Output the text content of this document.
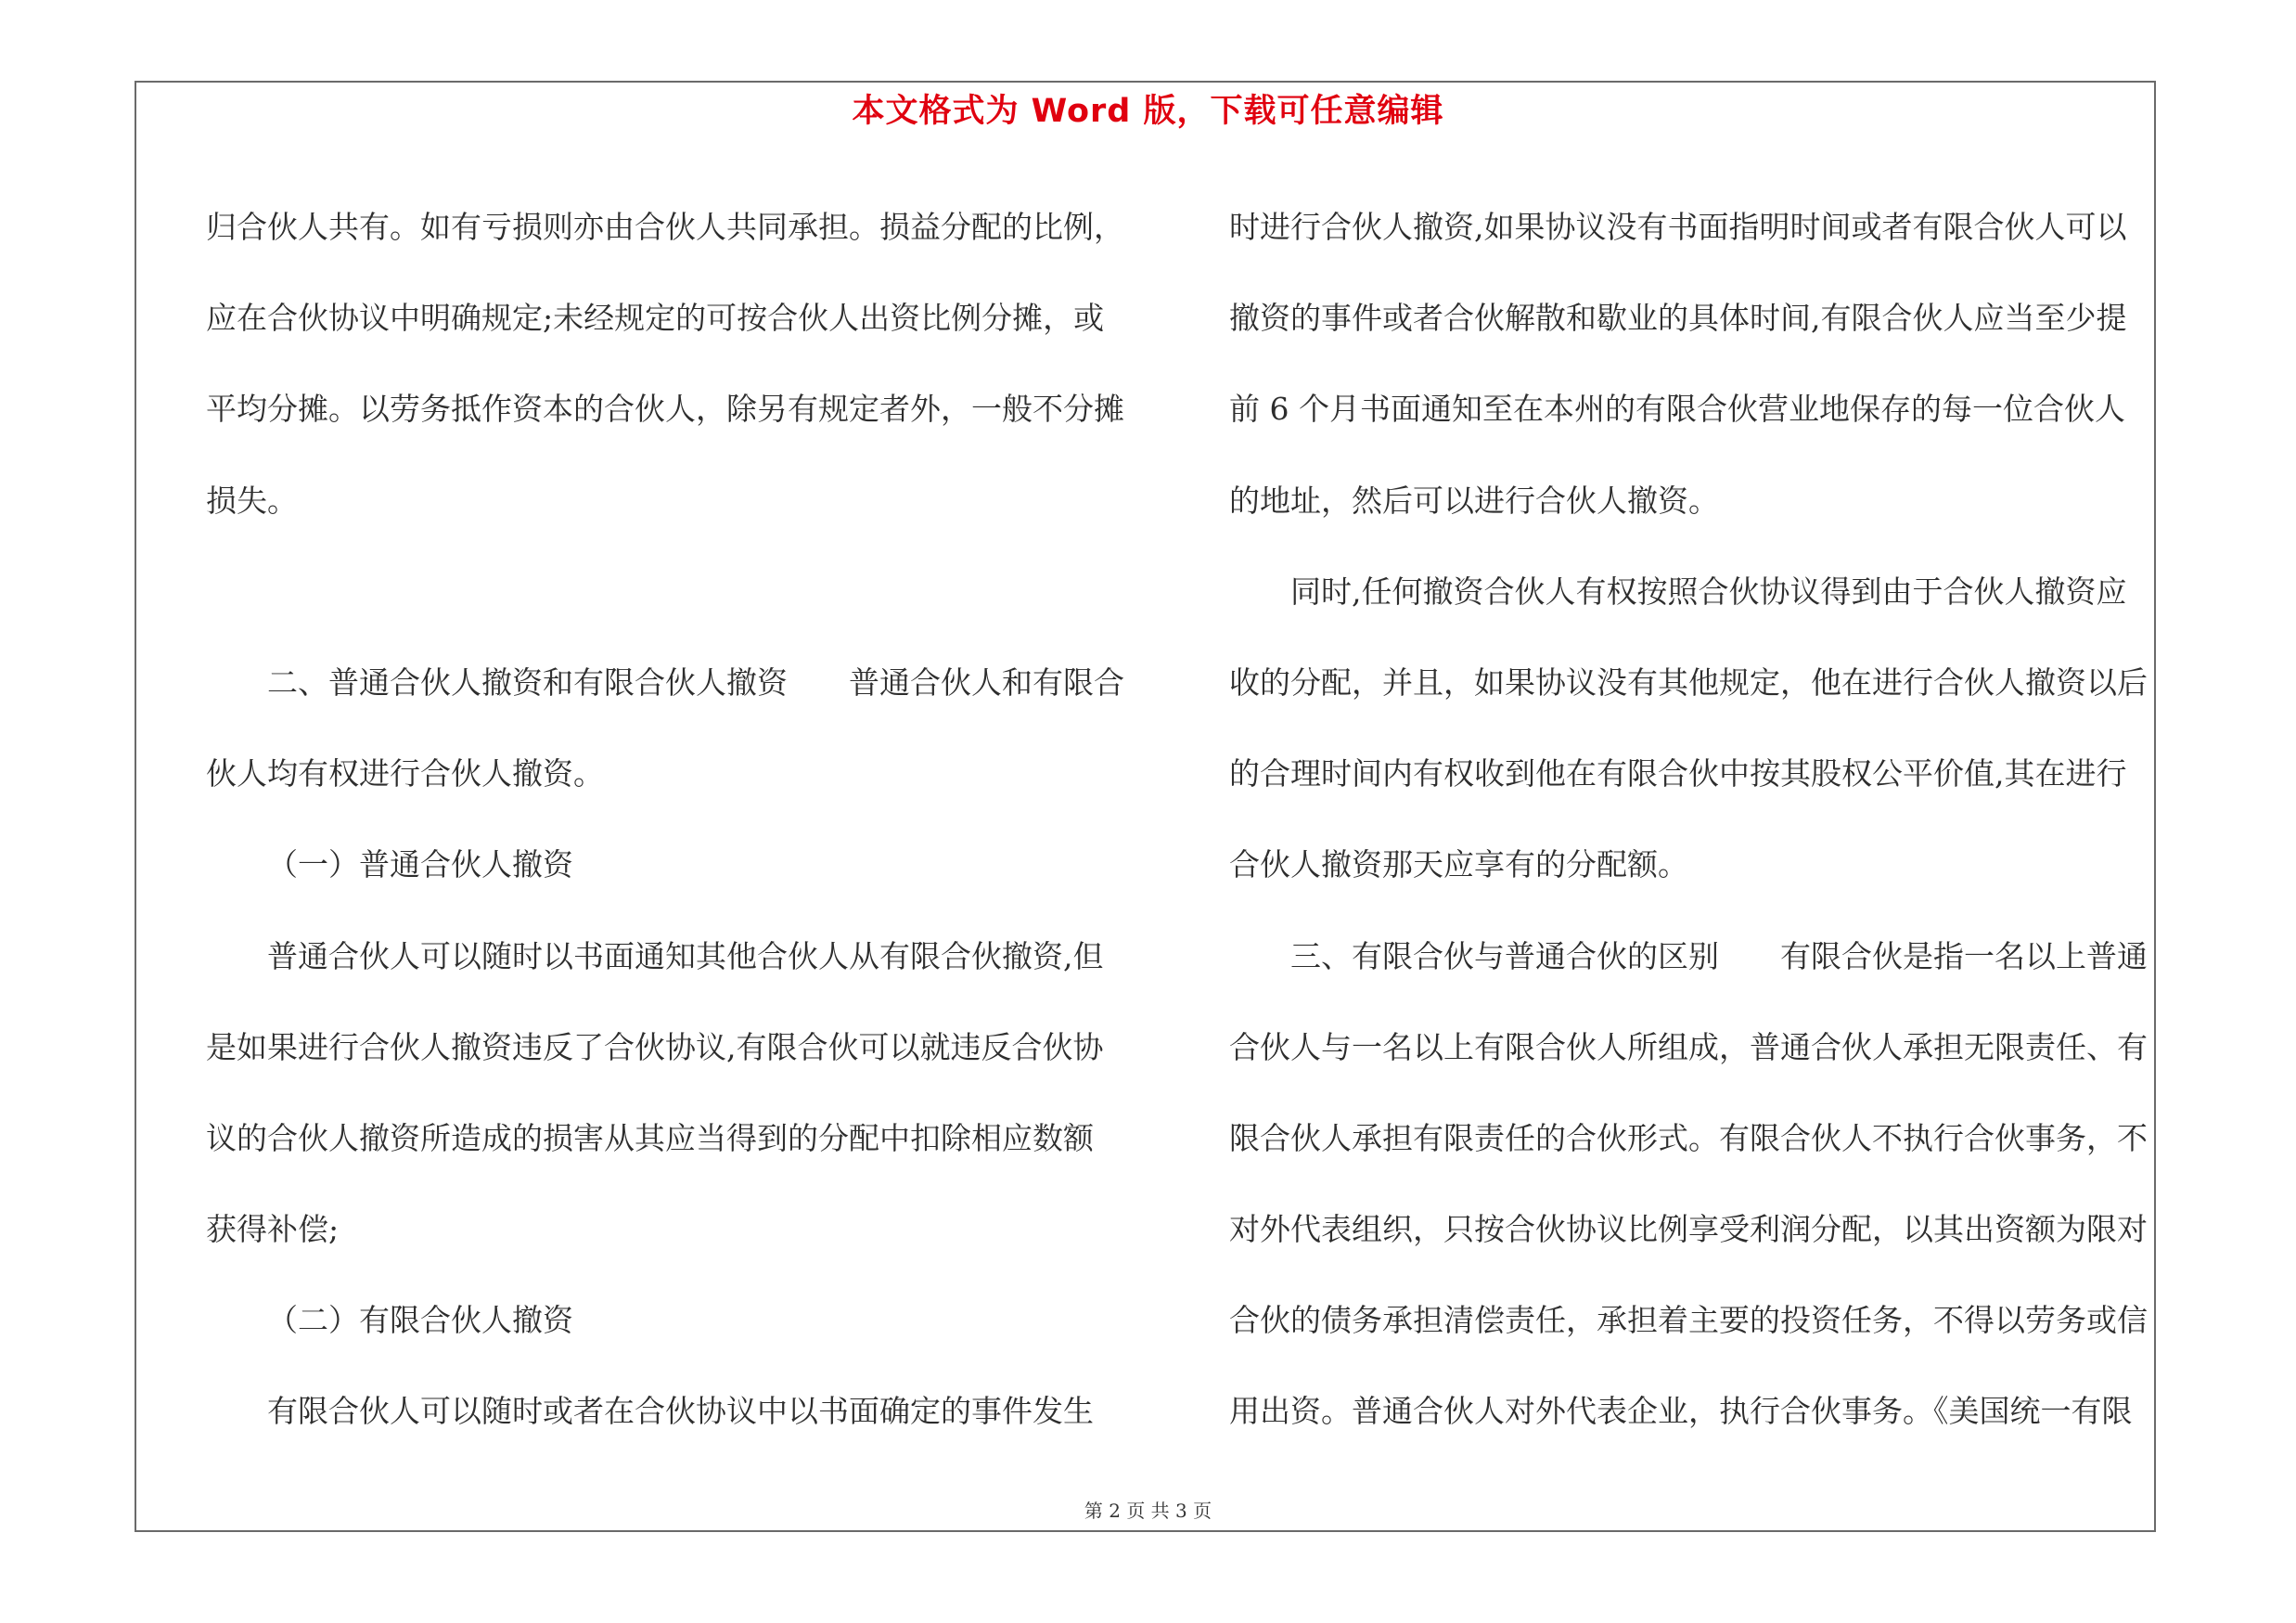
本文格式为 Word 版，下载可任意编辑
归合伙人共有。如有亏损则亦由合伙人共同承担。损益分配的比例，
应在合伙协议中明确规定;未经规定的可按合伙人出资比例分摊，或
平均分摊。以劳务抵作资本的合伙人，除另有规定者外，一般不分摊
损失。
二、普通合伙人撤资和有限合伙人撤资　　普通合伙人和有限合
伙人均有权进行合伙人撤资。
（一）普通合伙人撤资
普通合伙人可以随时以书面通知其他合伙人从有限合伙撤资,但
是如果进行合伙人撤资违反了合伙协议,有限合伙可以就违反合伙协
议的合伙人撤资所造成的损害从其应当得到的分配中扣除相应数额
获得补偿;
（二）有限合伙人撤资
有限合伙人可以随时或者在合伙协议中以书面确定的事件发生
时进行合伙人撤资,如果协议没有书面指明时间或者有限合伙人可以
撤资的事件或者合伙解散和歇业的具体时间,有限合伙人应当至少提
前 6 个月书面通知至在本州的有限合伙营业地保存的每一位合伙人
的地址，然后可以进行合伙人撤资。
同时,任何撤资合伙人有权按照合伙协议得到由于合伙人撤资应
收的分配，并且，如果协议没有其他规定，他在进行合伙人撤资以后
的合理时间内有权收到他在有限合伙中按其股权公平价值,其在进行
合伙人撤资那天应享有的分配额。
三、有限合伙与普通合伙的区别　　有限合伙是指一名以上普通
合伙人与一名以上有限合伙人所组成，普通合伙人承担无限责任、有
限合伙人承担有限责任的合伙形式。有限合伙人不执行合伙事务，不
对外代表组织，只按合伙协议比例享受利润分配，以其出资额为限对
合伙的债务承担清偿责任，承担着主要的投资任务，不得以劳务或信
用出资。普通合伙人对外代表企业，执行合伙事务。《美国统一有限
第 2 页 共 3 页
